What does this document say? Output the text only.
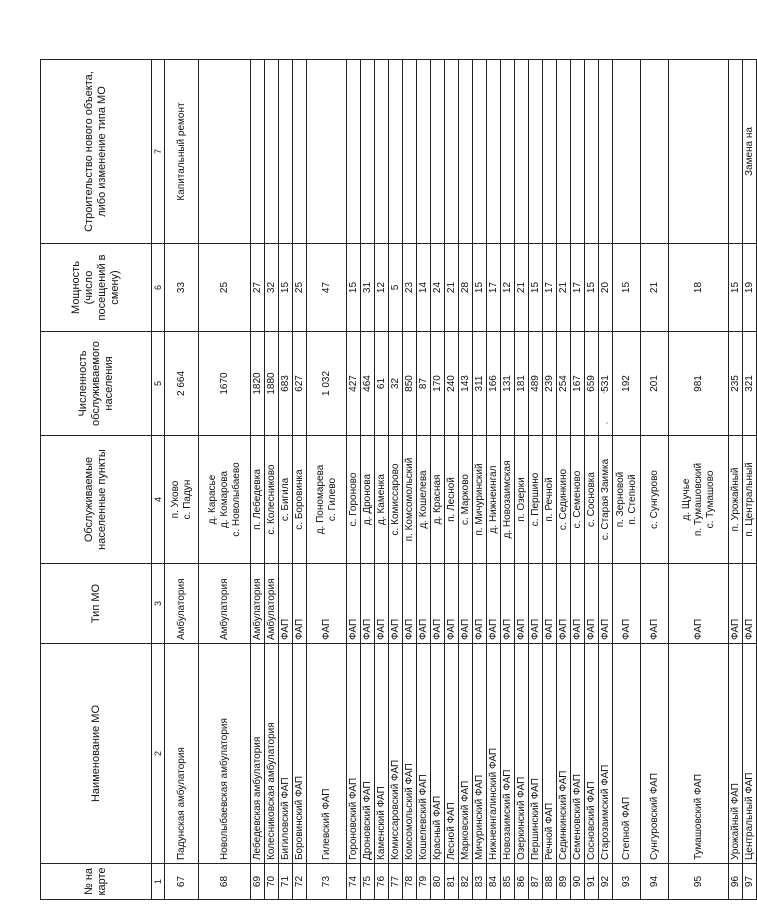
№ на карте	Наименование МО	Тип МО	Обслуживаемые населенные пункты	Численность обслуживаемого населения	Мощность (число посещений в смену)	Строительство нового объекта, либо изменение типа МО
1	2	3	4	5	6	7
67	Падунская амбулатория	Амбулатория	п. Уково с. Падун	2 664	33	Капитальный ремонт
68	Новолыбаевская амбулатория	Амбулатория	д. Карасье д. Комарова с. Новолыбаево	1670	25	
69	Лебедевская амбулатория	Амбулатория	п. Лебедевка	1820	27	
70	Колесниковская амбулатория	Амбулатория	с. Колесниково	1880	32	
71	Бигиловский ФАП	ФАП	с. Бигила	683	15	
72	Боровинский ФАП	ФАП	с. Боровинка	627	25	
73	Гилевский ФАП	ФАП	д. Пономарева с. Гилево	1 032	47	
74	Гороновский ФАП	ФАП	с. Гороново	427	15	
75	Дроновский ФАП	ФАП	д. Дронова	464	31	
76	Каменский ФАП	ФАП	д. Каменка	61	12	
77	Комиссаровский ФАП	ФАП	с. Комиссарово	32	5	
78	Комсомольский ФАП	ФАП	п. Комсомольский	850	23	
79	Кошелевский ФАП	ФАП	д. Кошелева	87	14	
80	Красный ФАП	ФАП	д. Красная	170	24	
81	Лесной ФАП	ФАП	п. Лесной	240	21	
82	Марковский ФАП	ФАП	с. Марково	143	28	
83	Мичуринский ФАП	ФАП	п. Мичуринский	311	15	
84	Нижнеингалинский ФАП	ФАП	д. Нижнеингал	166	17	
85	Новозаимский ФАП	ФАП	д. Новозаимская	131	12	
86	Озеркинский ФАП	ФАП	п. Озерки	181	21	
87	Першинский ФАП	ФАП	с. Першино	489	15	
88	Речной ФАП	ФАП	п. Речной	239	17	
89	Сединкинский ФАП	ФАП	с. Сединкино	254	21	
90	Семеновский ФАП	ФАП	с. Семеново	167	17	
91	Сосновский ФАП	ФАП	с. Сосновка	659	15	
92	Старозаимский ФАП	ФАП	с. Старая Заимка	531	20	
93	Степной ФАП	ФАП	п. Зерновой п. Степной	192	15	
94	Сунгуровский ФАП	ФАП	с. Сунгурово	201	21	
95	Тумашовский ФАП	ФАП	д. Щучье п. Тумашовский с. Тумашово	981	18	
96	Урожайный ФАП	ФАП	п. Урожайный	235	15	
97	Центральный ФАП	ФАП	п. Центральный	321	19	Замена на
